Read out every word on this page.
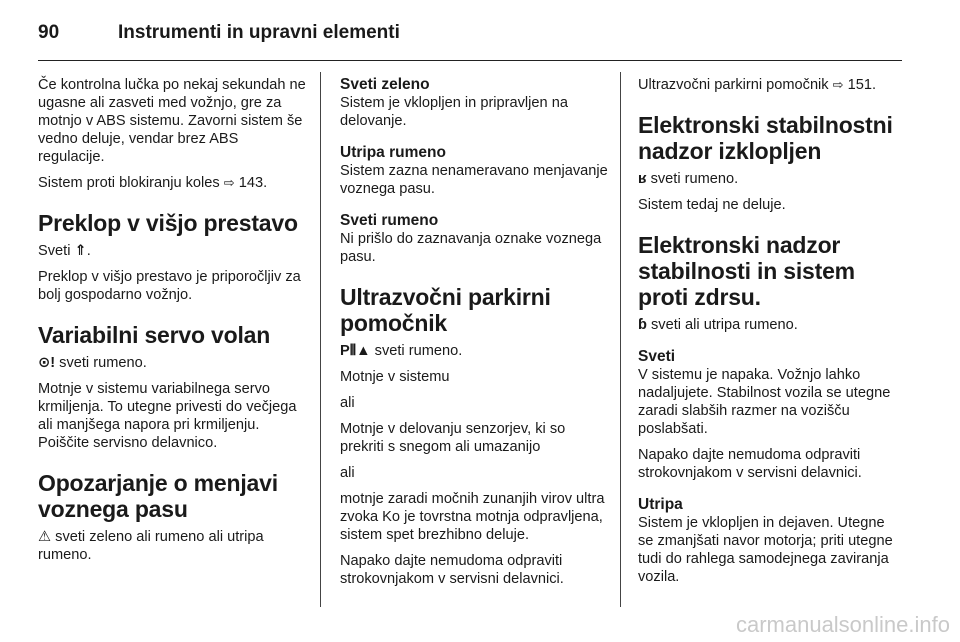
90	Instrumenti in upravni elementi

Če kontrolna lučka po nekaj sekundah ne ugasne ali zasveti med vožnjo, gre za motnjo v ABS sistemu. Zavorni sistem še vedno deluje, vendar brez ABS regulacije.

Sistem proti blokiranju koles ⇨ 143.

Preklop v višjo prestavo

Sveti ⇑.

Preklop v višjo prestavo je priporočljiv za bolj gospodarno vožnjo.

Variabilni servo volan

⊙! sveti rumeno.

Motnje v sistemu variabilnega servo krmiljenja. To utegne privesti do večjega ali manjšega napora pri krmiljenju. Poiščite servisno delavnico.

Opozarjanje o menjavi voznega pasu

⚠ sveti zeleno ali rumeno ali utripa rumeno.

Sveti zeleno

Sistem je vklopljen in pripravljen na delovanje.

Utripa rumeno

Sistem zazna nenameravano menjavanje voznega pasu.

Sveti rumeno

Ni prišlo do zaznavanja oznake voznega pasu.

Ultrazvočni parkirni pomočnik

P⦀▲ sveti rumeno.

Motnje v sistemu

ali

Motnje v delovanju senzorjev, ki so prekriti s snegom ali umazanijo

ali

motnje zaradi močnih zunanjih virov ultra zvoka Ko je tovrstna motnja odpravljena, sistem spet brezhibno deluje.

Napako dajte nemudoma odpraviti strokovnjakom v servisni delavnici.

Ultrazvočni parkirni pomočnik ⇨ 151.

Elektronski stabilnostni nadzor izklopljen

ʁ sveti rumeno.

Sistem tedaj ne deluje.

Elektronski nadzor stabilnosti in sistem proti zdrsu.

ɓ sveti ali utripa rumeno.

Sveti

V sistemu je napaka. Vožnjo lahko nadaljujete. Stabilnost vozila se utegne zaradi slabših razmer na vozišču poslabšati.

Napako dajte nemudoma odpraviti strokovnjakom v servisni delavnici.

Utripa

Sistem je vklopljen in dejaven. Utegne se zmanjšati navor motorja; priti utegne tudi do rahlega samodejnega zaviranja vozila.

carmanualsonline.info
